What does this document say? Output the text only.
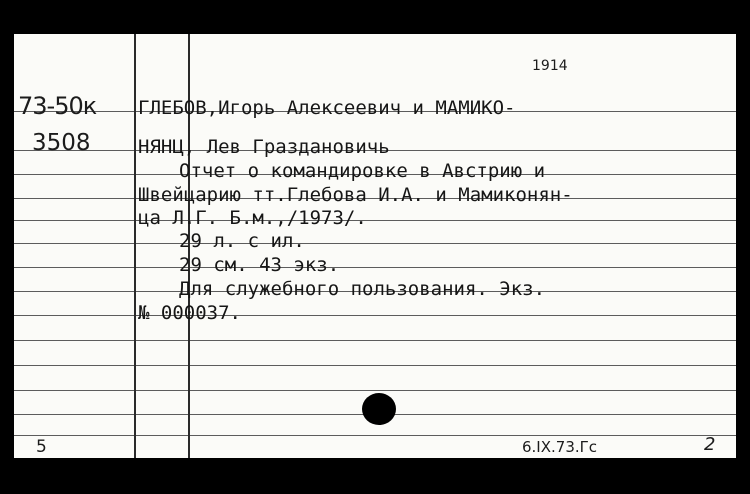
73-50к
3508
1914
ГЛЕБОВ,Игорь Алексеевич и МАМИКО-
НЯНЦ, Лев Граздановичь
Отчет о командировке в Австрию и
Швейцарию тт.Глебова И.А. и Мамиконян-
ца Л.Г. Б.м.,/1973/.
29 л. с ил.
29 см. 43 экз.
Для служебного пользования. Экз.
№ 000037.
5	6.IX.73.Гс	2
